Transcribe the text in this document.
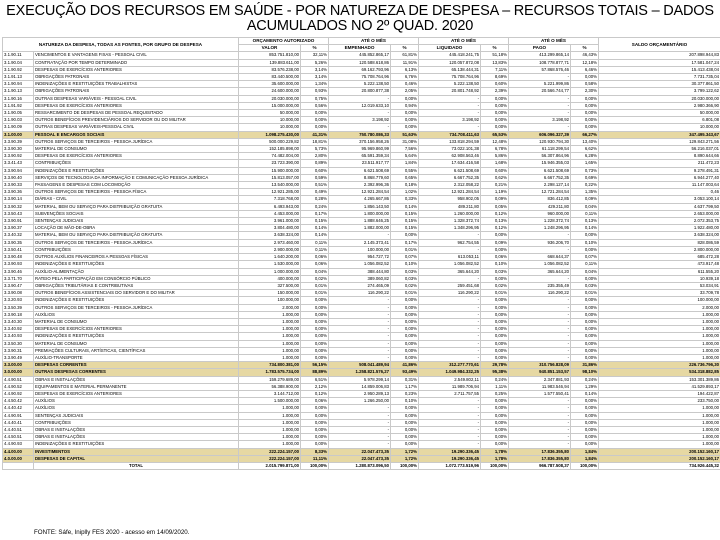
EXECUÇÃO DOS RECURSOS EM SAÚDE - POR NATUREZA DE DESPESA – RECURSOS TOTAIS – DADOS
ACUMULADOS NO 2º QUAD. 2020
NATUREZA DA DESPESA, TODAS AS FONTES, POR GRUPO DE DESPESA		ORÇAMENTO AUTORIZADO		ATÉ O MÊS		ATÉ O MÊS		ATÉ O MÊS		SALDO ORÇAMENTÁRIO
		VALOR	%	EMPENHADO	%	LIQUIDADO	%	PAGO	%	
3.1.90.11	VENCIMENTOS E VANTAGENS FIXAS - PESSOAL CIVIL	853.751.810,00	32,11%	445.852.865,17	61,81%	445.418.241,75	51,18%	413.299.865,14	46,43%	207.898.944,83
3.1.90.04	CONTRATAÇÃO POR TEMPO DETERMINADO	139.883.611,00	5,26%	120.588.618,86	11,91%	120.057.872,08	13,83%	108.778.877,71	12,18%	17.581.047,24
3.1.90.92	DESPESAS DE EXERCÍCIOS ANTERIORES	83.576.238,00	3,14%	69.162.793,96	6,13%	65.138.444,31	7,11%	57.868.576,46	6,46%	15.413.438,04
3.1.91.13	OBRIGAÇÕES PATRONAIS	83.440.500,00	3,14%	75.708.764,96	6,76%	75.708.764,96	8,69%	-	0,00%	7.731.735,04
3.1.90.94	INDENIZAÇÕES E RESTITUIÇÕES TRABALHISTAS	35.600.000,00	1,34%	5.222.138,50	0,46%	5.222.138,50	0,60%	5.221.999,86	0,58%	30.377.861,50
3.1.90.13	OBRIGAÇÕES PATRONAIS	24.600.000,00	0,93%	20.800.877,38	2,05%	20.801.748,92	2,39%	20.566.744,77	2,30%	3.799.122,62
3.1.90.16	OUTRAS DESPESAS VARIÁVEIS - PESSOAL CIVIL	20.030.000,00	0,75%	-	0,00%	-	0,00%	-	0,00%	20.030.000,00
3.1.91.92	DESPESAS DE EXERCÍCIOS ANTERIORES	15.000.000,00	0,56%	12.019.633,10	0,94%	-	0,00%	-	0,00%	2.980.366,90
3.1.90.05	RESSARCIMENTO DE DESPESAS DE PESSOAL REQUISITADO	50.000,00	0,00%	-	0,00%	-	0,00%	-	0,00%	50.000,00
3.1.90.03	OUTROS BENEFÍCIOS PREVIDENCIÁRIOS DO SERVIDOR OU DO MILITAR	10.000,00	0,00%	3.198,92	0,00%	3.198,92	0,00%	3.198,92	0,00%	6.801,08
3.1.90.09	OUTRAS DESPESAS VARIÁVEIS-PESSOAL CIVIL	10.000,00	0,00%	-	0,00%	-	0,00%	-	0,00%	10.000,00
3.1.00.00	PESSOAL E ENCARGOS SOCIAIS	1.098.275.430,00	41,31%	750.780.086,33	51,63%	734.708.411,63	65,53%	606.096.327,39	66,27%	347.495.343,67
3.3.90.39	OUTROS SERVIÇOS DE TERCEIROS - PESSOA JURÍDICA	500.000.229,82	18,81%	370.156.958,26	31,08%	133.818.294,59	12,48%	120.930.794,30	13,40%	129.843.271,56
3.3.90.30	MATERIAL DE CONSUMO	152.185.898,00	5,73%	95.969.860,99	7,56%	73.022.101,38	6,78%	61.118.299,54	6,62%	56.216.037,01
3.3.90.92	DESPESAS DE EXERCÍCIOS ANTERIORES	74.482.004,00	2,80%	65.591.359,34	5,64%	62.908.563,46	5,86%	56.307.864,96	6,28%	8.890.644,66
3.3.41.43	CONTRIBUIÇÕES	23.723.390,00	0,89%	23.511.917,77	1,84%	17.634.416,58	1,68%	15.946.355,03	1,65%	211.472,23
3.3.90.94	INDENIZAÇÕES E RESTITUIÇÕES	15.900.000,00	0,60%	6.621.508,69	0,55%	6.621.508,69	0,60%	6.621.508,69	0,73%	9.278.491,31
3.3.90.40	SERVIÇOS DE TECNOLOGIA DA INFORMAÇÃO E COMUNICAÇÃO PESSOA JURÍDICA	15.813.057,00	0,59%	8.868.779,60	0,65%	6.667.752,35	0,62%	6.667.752,35	0,69%	6.944.277,40
3.3.90.33	PASSAGENS E DESPESAS COM LOCOMOÇÃO	13.540.000,00	0,51%	2.392.996,36	0,18%	2.312.058,22	0,21%	2.298.127,14	0,22%	11.147.003,64
3.3.90.36	OUTROS SERVIÇOS DE TERCEIROS - PESSOA FÍSICA	12.921.285,00	0,49%	12.921.284,54	1,02%	12.921.284,54	1,19%	12.721.284,54	1,35%	0,46
3.3.90.14	DIÁRIAS - CIVIL	7.318.768,00	0,28%	4.265.667,86	0,33%	958.902,05	0,09%	836.412,85	0,09%	3.053.100,14
3.3.90.32	MATERIAL, BEM OU SERVIÇO PARA DISTRIBUIÇÃO GRATUITA	6.493.943,00	0,24%	1.856.143,50	0,14%	489.211,80	0,05%	429.211,80	0,04%	4.637.799,50
3.3.50.43	SUBVENÇÕES SOCIAIS	4.453.000,00	0,17%	1.800.000,00	0,15%	1.260.000,00	0,12%	960.000,00	0,11%	2.653.000,00
3.3.90.91	SENTENÇAS JUDICIAIS	3.961.000,00	0,15%	1.888.646,25	0,15%	1.328.372,74	0,13%	1.228.372,74	0,13%	2.072.353,75
3.3.90.37	LOCAÇÃO DE MÃO-DE-OBRA	3.804.480,00	0,14%	1.882.000,00	0,15%	1.348.296,95	0,12%	1.248.296,95	0,14%	1.922.480,00
3.3.40.32	MATERIAL, BEM OU SERVIÇO PARA DISTRIBUIÇÃO GRATUITA	3.638.324,00	0,14%	-	0,00%	-	0,00%	-	0,00%	3.638.324,00
3.3.90.35	OUTROS SERVIÇOS DE TERCEIROS - PESSOA JURÍDICA	2.973.460,00	0,11%	2.145.373,41	0,17%	962.754,55	0,09%	936.206,70	0,10%	828.086,59
3.3.50.41	CONTRIBUIÇÕES	2.900.000,00	0,11%	100.000,00	0,01%	-	0,00%	-	0,00%	2.800.000,00
3.3.90.48	OUTROS AUXÍLIOS FINANCEIROS A PESSOAS FÍSICAS	1.640.200,00	0,06%	954.727,72	0,07%	613.053,11	0,06%	668.644,37	0,07%	685.472,28
3.3.90.93	INDENIZAÇÕES E RESTITUIÇÕES	1.530.000,00	0,06%	1.056.082,52	0,10%	1.056.082,52	0,10%	1.056.082,52	0,11%	473.917,48
3.3.90.46	AUXÍLIO-ALIMENTAÇÃO	1.000.000,00	0,04%	388.444,80	0,03%	365.644,20	0,03%	365.644,20	0,04%	611.555,20
3.3.71.70	RATEIO PELA PARTICIPAÇÃO EM CONSÓRCIO PÚBLICO	400.000,00	0,02%	389.060,82	0,03%	-	0,00%	-	0,00%	10.939,18
3.3.90.47	OBRIGAÇÕES TRIBUTÁRIAS E CONTRIBUTIVAS	327.500,00	0,01%	274.465,09	0,02%	259.451,68	0,02%	235.355,49	0,03%	53.034,91
3.3.90.08	OUTROS BENEFÍCIOS ASSISTENCIAIS DO SERVIDOR E DO MILITAR	150.000,00	0,01%	116.290,22	0,01%	116.290,22	0,01%	116.290,22	0,01%	33.709,78
3.3.20.93	INDENIZAÇÕES E RESTITUIÇÕES	100.000,00	0,00%	-	0,00%	-	0,00%	-	0,00%	100.000,00
3.3.50.39	OUTROS SERVIÇOS DE TERCEIROS - PESSOA JURÍDICA	2.000,00	0,00%	-	0,00%	-	0,00%	-	0,00%	2.000,00
3.3.90.18	AUXÍLIOS	1.000,00	0,00%	-	0,00%	-	0,00%	-	0,00%	1.000,00
3.3.40.30	MATERIAL DE CONSUMO	1.000,00	0,00%	-	0,00%	-	0,00%	-	0,00%	1.000,00
3.3.40.92	DESPESAS DE EXERCÍCIOS ANTERIORES	1.000,00	0,00%	-	0,00%	-	0,00%	-	0,00%	1.000,00
3.3.40.93	INDENIZAÇÕES E RESTITUIÇÕES	1.000,00	0,00%	-	0,00%	-	0,00%	-	0,00%	1.000,00
3.3.50.30	MATERIAL DE CONSUMO	1.000,00	0,00%	-	0,00%	-	0,00%	-	0,00%	1.000,00
3.3.90.31	PREMIAÇÕES CULTURAIS, ARTÍSTICAS, CIENTÍFICAS	1.000,00	0,00%	-	0,00%	-	0,00%	-	0,00%	1.000,00
3.3.90.49	AUXÍLIO-TRANSPORTE	1.000,00	0,00%	-	0,00%	-	0,00%	-	0,00%	1.000,00
3.3.00.00	DESPESAS CORRENTES	734.800.381,00	56,15%	508.041.489,94	41,86%	312.277.770,61	29,78%	310.756.828,09	31,86%	226.736.796,30
3.0.00.00	OUTRAS DESPESAS CORRENTES	1.783.575.734,00	88,89%	1.258.821.576,27	93,49%	1.049.984.332,25	95,38%	940.851.153,57	98,10%	534.318.882,85
4.4.90.51	OBRAS E INSTALAÇÕES	159.279.689,00	6,51%	5.978.299,14	0,31%	2.549.802,11	0,24%	2.347.881,93	0,24%	153.301.389,86
4.4.90.52	EQUIPAMENTOS E MATERIAL PERMANENTE	56.388.900,00	2,12%	14.859.006,83	1,17%	11.989.706,94	1,11%	11.983.546,94	1,29%	41.529.893,17
4.4.90.92	DESPESAS DE EXERCÍCIOS ANTERIORES	3.144.712,00	0,12%	2.950.289,13	0,23%	2.711.757,55	0,25%	1.577.550,41	0,14%	194.422,87
4.4.50.42	AUXÍLIOS	1.500.000,00	0,06%	1.266.250,00	0,10%	-	0,00%	-	0,00%	233.750,00
4.4.40.42	AUXÍLIOS	1.000,00	0,00%	-	0,00%	-	0,00%	-	0,00%	1.000,00
4.4.90.91	SENTENÇAS JUDICIAIS	1.000,00	0,00%	-	0,00%	-	0,00%	-	0,00%	1.000,00
4.4.40.41	CONTRIBUIÇÕES	1.000,00	0,00%	-	0,00%	-	0,00%	-	0,00%	1.000,00
4.4.40.51	OBRAS E INSTALAÇÕES	1.000,00	0,00%	-	0,00%	-	0,00%	-	0,00%	1.000,00
4.4.50.51	OBRAS E INSTALAÇÕES	1.000,00	0,00%	-	0,00%	-	0,00%	-	0,00%	1.000,00
4.4.90.93	INDENIZAÇÕES E RESTITUIÇÕES	1.000,00	0,00%	-	0,00%	-	0,00%	-	0,00%	1.000,00
4.4.00.00	INVESTIMENTOS	222.224.157,00	8,33%	22.047.473,35	1,72%	19.290.336,45	1,78%	17.836.355,80	1,84%	200.152.160,17
4.0.00.00	DESPESAS DE CAPITAL	222.224.157,00	11,11%	22.047.473,35	1,72%	19.290.336,45	1,78%	17.836.355,80	1,84%	200.152.160,17
	TOTAL	2.015.799.871,00	100,00%	1.280.873.096,50	100,00%	1.072.773.519,96	100,00%	966.787.508,37	100,00%	734.926.445,32
FONTE: Sáfe, Iniplly FES 2020 - acesso em 14/09/2020.
